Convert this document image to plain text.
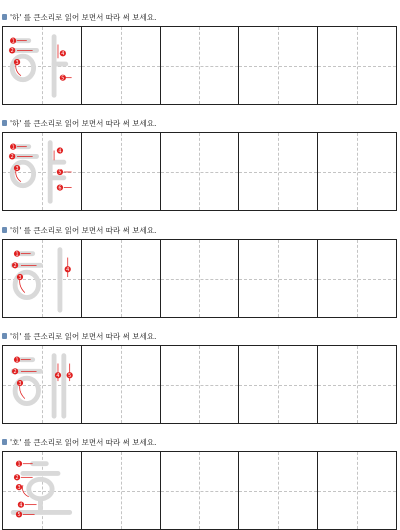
'하' 를 큰소리로 읽어 보면서 따라 써 보세요.
1
2
3
4
5
'하' 를 큰소리로 읽어 보면서 따라 써 보세요.
1
2
3
4
5
6
'히' 를 큰소리로 읽어 보면서 따라 써 보세요.
1
2
3
4
'히' 를 큰소리로 읽어 보면서 따라 써 보세요.
1
2
3
4 5
'호' 를 큰소리로 읽어 보면서 따라 써 보세요.
1
2
3
4
5
